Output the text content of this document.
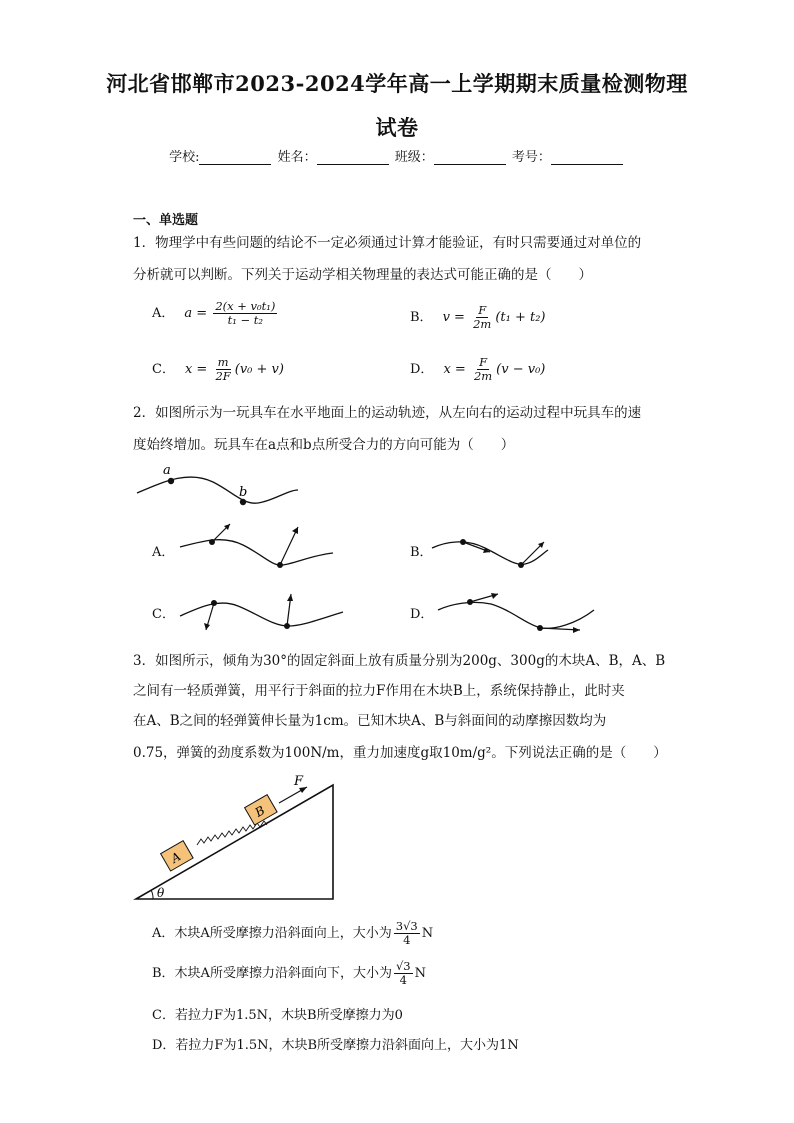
河北省邯郸市2023-2024学年高一上学期期末质量检测物理
试卷
学校:	姓名：	班级：	考号：
一、单选题
1．物理学中有些问题的结论不一定必须通过计算才能验证，有时只需要通过对单位的
分析就可以判断。下列关于运动学相关物理量的表达式可能正确的是（　　）
A． $a = \frac{\text{2(x + v₀t₁)}}{\text{t₁ − t₂}}$	B． $v = \frac{F}{2m} (t_1 + t_2)$
C． $x = \frac{m}{2F} (v_0 + v)$	D． $x = \frac{F}{2m} (v - v_0)$
2．如图所示为一玩具车在水平地面上的运动轨迹，从左向右的运动过程中玩具车的速
度始终增加。玩具车在a点和b点所受合力的方向可能为（　　）
a
b
A．	B．
C．	D．
3．如图所示，倾角为30°的固定斜面上放有质量分别为200g、300g的木块A、B，A、B
之间有一轻质弹簧，用平行于斜面的拉力F作用在木块B上，系统保持静止，此时夹
在A、B之间的轻弹簧伸长量为1cm。已知木块A、B与斜面间的动摩擦因数均为
0.75，弹簧的劲度系数为100N/m，重力加速度g取10m/g²。下列说法正确的是（　　）
θ
A
B
F
A．木块A所受摩擦力沿斜面向上，大小为 $\frac{3√3}{4}$ N
B．木块A所受摩擦力沿斜面向下，大小为 $\frac{√3}{4}$ N
C．若拉力F为1.5N，木块B所受摩擦力为0
D．若拉力F为1.5N，木块B所受摩擦力沿斜面向上，大小为1N
